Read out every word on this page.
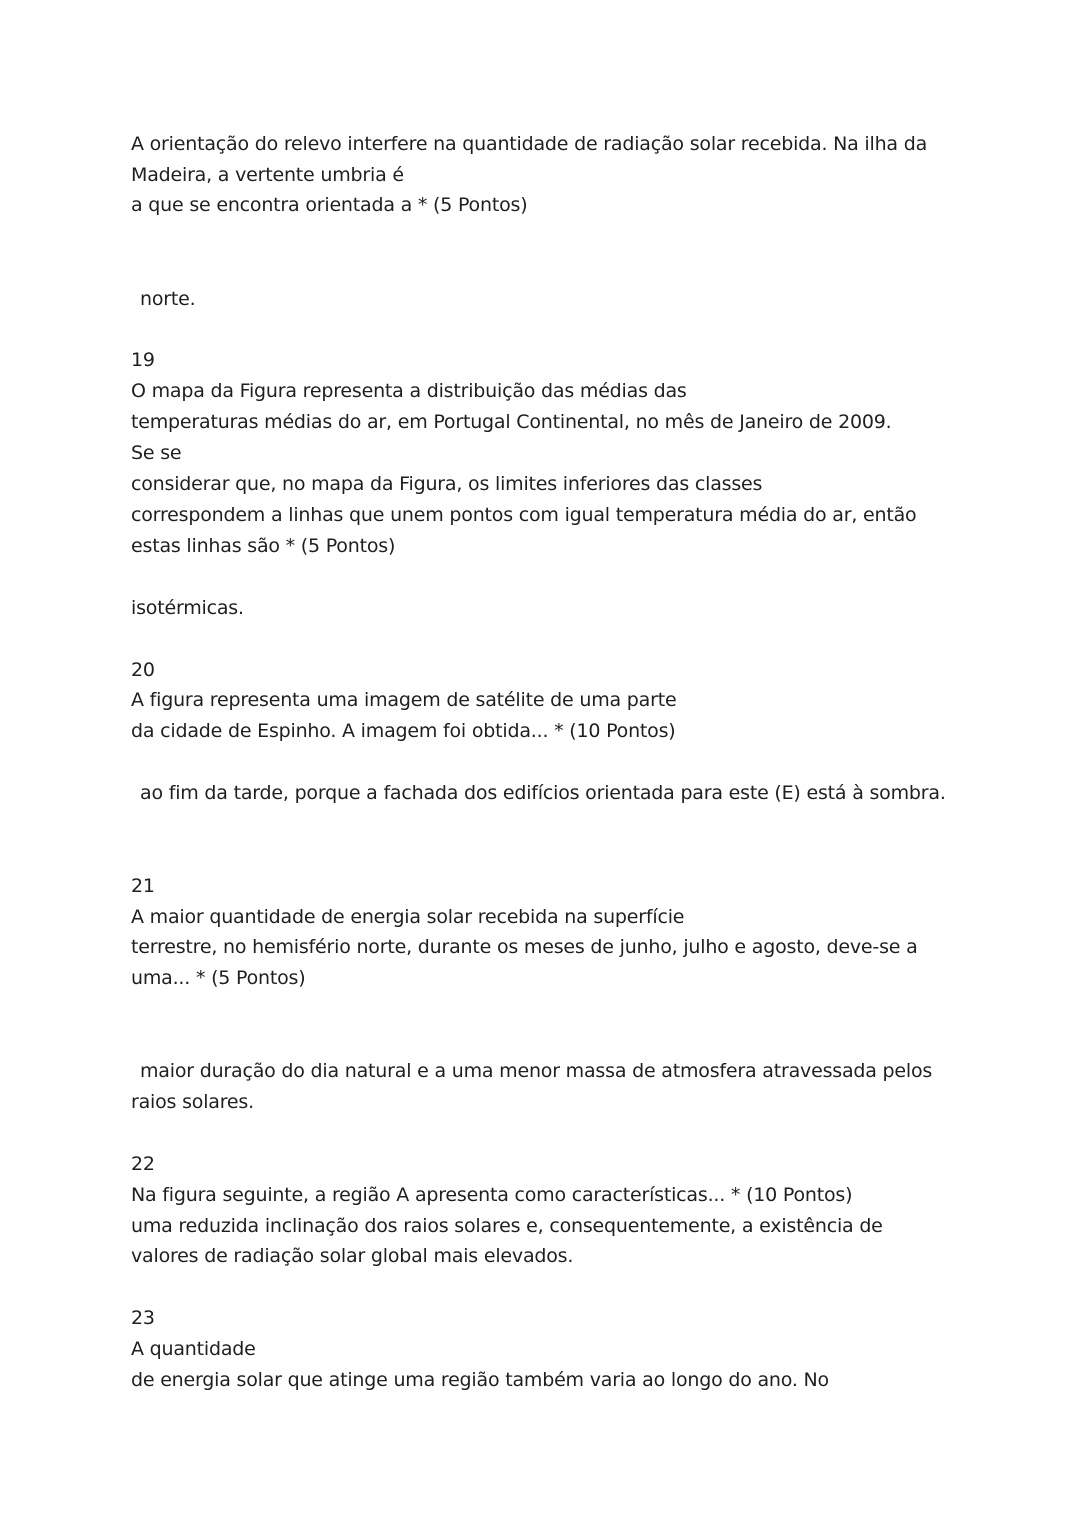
A orientação do relevo interfere na quantidade de radiação solar recebida. Na ilha da
Madeira, a vertente umbria é
a que se encontra orientada a * (5 Pontos)
norte.
19
O mapa da Figura representa a distribuição das médias das
temperaturas médias do ar, em Portugal Continental, no mês de Janeiro de 2009.
Se se
considerar que, no mapa da Figura, os limites inferiores das classes
correspondem a linhas que unem pontos com igual temperatura média do ar, então
estas linhas são * (5 Pontos)
isotérmicas.
20
A figura representa uma imagem de satélite de uma parte
da cidade de Espinho. A imagem foi obtida... * (10 Pontos)
ao fim da tarde, porque a fachada dos edifícios orientada para este (E) está à sombra.
21
A maior quantidade de energia solar recebida na superfície
terrestre, no hemisfério norte, durante os meses de junho, julho e agosto, deve-se a
uma... * (5 Pontos)
maior duração do dia natural e a uma menor massa de atmosfera atravessada pelos
raios solares.
22
Na figura seguinte, a região A apresenta como características... * (10 Pontos)
uma reduzida inclinação dos raios solares e, consequentemente, a existência de
valores de radiação solar global mais elevados.
23
A quantidade
de energia solar que atinge uma região também varia ao longo do ano. No
